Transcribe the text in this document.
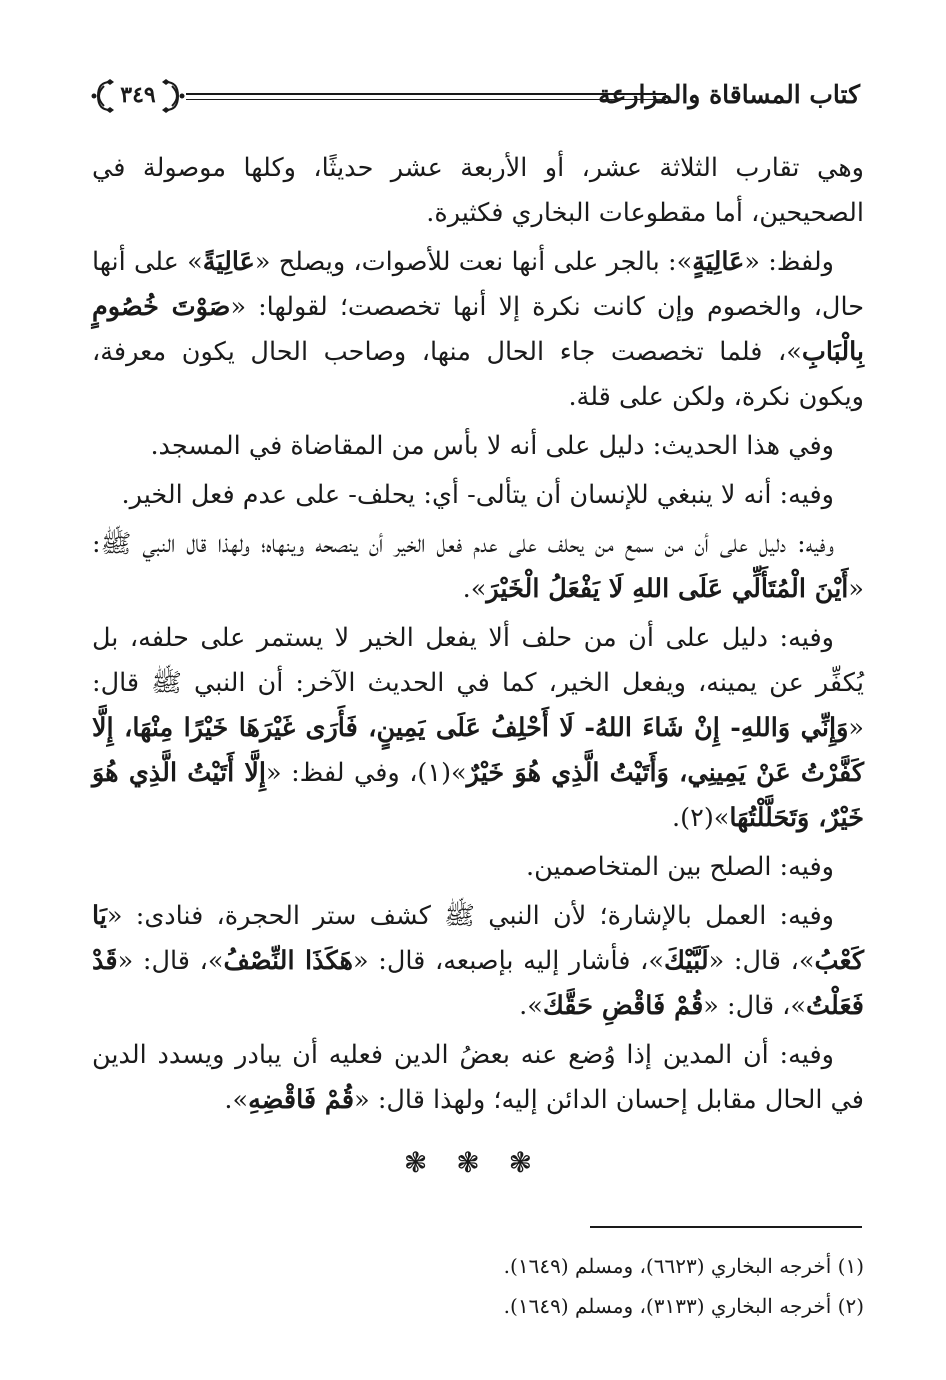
كتاب المساقاة والمزارعة
٣٤٩

وهي تقارب الثلاثة عشر، أو الأربعة عشر حديثًا، وكلها موصولة في الصحيحين، أما مقطوعات البخاري فكثيرة.

ولفظ: «عَالِيَةٍ»: بالجر على أنها نعت للأصوات، ويصلح «عَالِيَةً» على أنها حال، والخصوم وإن كانت نكرة إلا أنها تخصصت؛ لقولها: «صَوْتَ خُصُومٍ بِالْبَابِ»، فلما تخصصت جاء الحال منها، وصاحب الحال يكون معرفة، ويكون نكرة، ولكن على قلة.

وفي هذا الحديث: دليل على أنه لا بأس من المقاضاة في المسجد.

وفيه: أنه لا ينبغي للإنسان أن يتألى- أي: يحلف- على عدم فعل الخير.

وفيه: دليل على أن من سمع من يحلف على عدم فعل الخير أن ينصحه وينهاه؛ ولهذا قال النبي ﷺ: «أَيْنَ الْمُتَأَلِّي عَلَى اللهِ لَا يَفْعَلُ الْخَيْرَ».

وفيه: دليل على أن من حلف ألا يفعل الخير لا يستمر على حلفه، بل يُكفِّر عن يمينه، ويفعل الخير، كما في الحديث الآخر: أن النبي ﷺ قال: «وَإِنِّي وَاللهِ- إِنْ شَاءَ اللهُ- لَا أَحْلِفُ عَلَى يَمِينٍ، فَأَرَى غَيْرَهَا خَيْرًا مِنْهَا، إِلَّا كَفَّرْتُ عَنْ يَمِينِي، وَأَتَيْتُ الَّذِي هُوَ خَيْرٌ»(١)، وفي لفظ: «إِلَّا أَتَيْتُ الَّذِي هُوَ خَيْرٌ، وَتَحَلَّلْتُهَا»(٢).

وفيه: الصلح بين المتخاصمين.

وفيه: العمل بالإشارة؛ لأن النبي ﷺ كشف ستر الحجرة، فنادى: «يَا كَعْبُ»، قال: «لَبَّيْكَ»، فأشار إليه بإصبعه، قال: «هَكَذَا النِّصْفُ»، قال: «قَدْ فَعَلْتُ»، قال: «قُمْ فَاقْضِ حَقَّكَ».

وفيه: أن المدين إذا وُضع عنه بعضُ الدين فعليه أن يبادر ويسدد الدين في الحال مقابل إحسان الدائن إليه؛ ولهذا قال: «قُمْ فَاقْضِهِ».

❃ ❃ ❃

(١) أخرجه البخاري (٦٦٢٣)، ومسلم (١٦٤٩).

(٢) أخرجه البخاري (٣١٣٣)، ومسلم (١٦٤٩).
